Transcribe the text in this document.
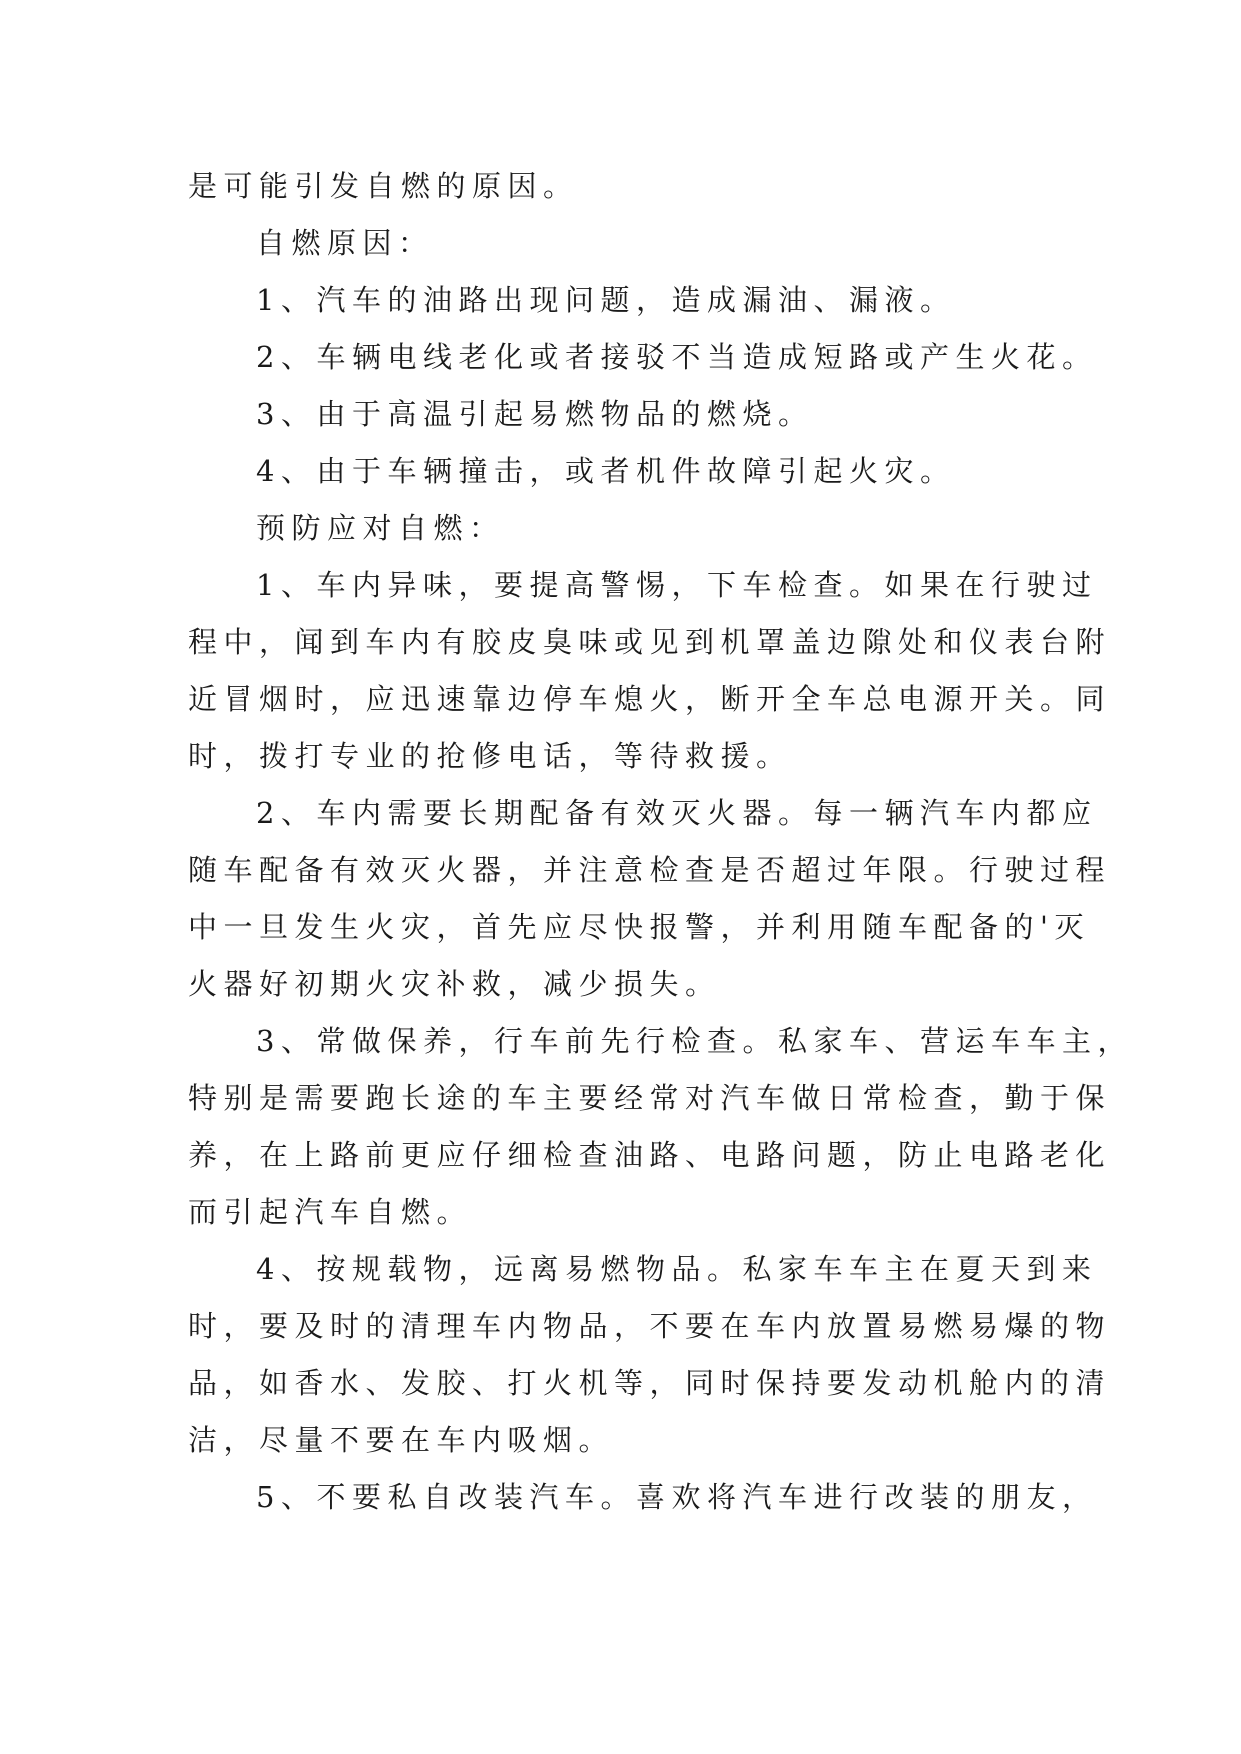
是可能引发自燃的原因。
自燃原因：
1、汽车的油路出现问题，造成漏油、漏液。
2、车辆电线老化或者接驳不当造成短路或产生火花。
3、由于高温引起易燃物品的燃烧。
4、由于车辆撞击，或者机件故障引起火灾。
预防应对自燃：
1、车内异味，要提高警惕，下车检查。如果在行驶过
程中，闻到车内有胶皮臭味或见到机罩盖边隙处和仪表台附
近冒烟时，应迅速靠边停车熄火，断开全车总电源开关。同
时，拨打专业的抢修电话，等待救援。
2、车内需要长期配备有效灭火器。每一辆汽车内都应
随车配备有效灭火器，并注意检查是否超过年限。行驶过程
中一旦发生火灾，首先应尽快报警，并利用随车配备的'灭
火器好初期火灾补救，减少损失。
3、常做保养，行车前先行检查。私家车、营运车车主，
特别是需要跑长途的车主要经常对汽车做日常检查，勤于保
养，在上路前更应仔细检查油路、电路问题，防止电路老化
而引起汽车自燃。
4、按规载物，远离易燃物品。私家车车主在夏天到来
时，要及时的清理车内物品，不要在车内放置易燃易爆的物
品，如香水、发胶、打火机等，同时保持要发动机舱内的清
洁，尽量不要在车内吸烟。
5、不要私自改装汽车。喜欢将汽车进行改装的朋友，
